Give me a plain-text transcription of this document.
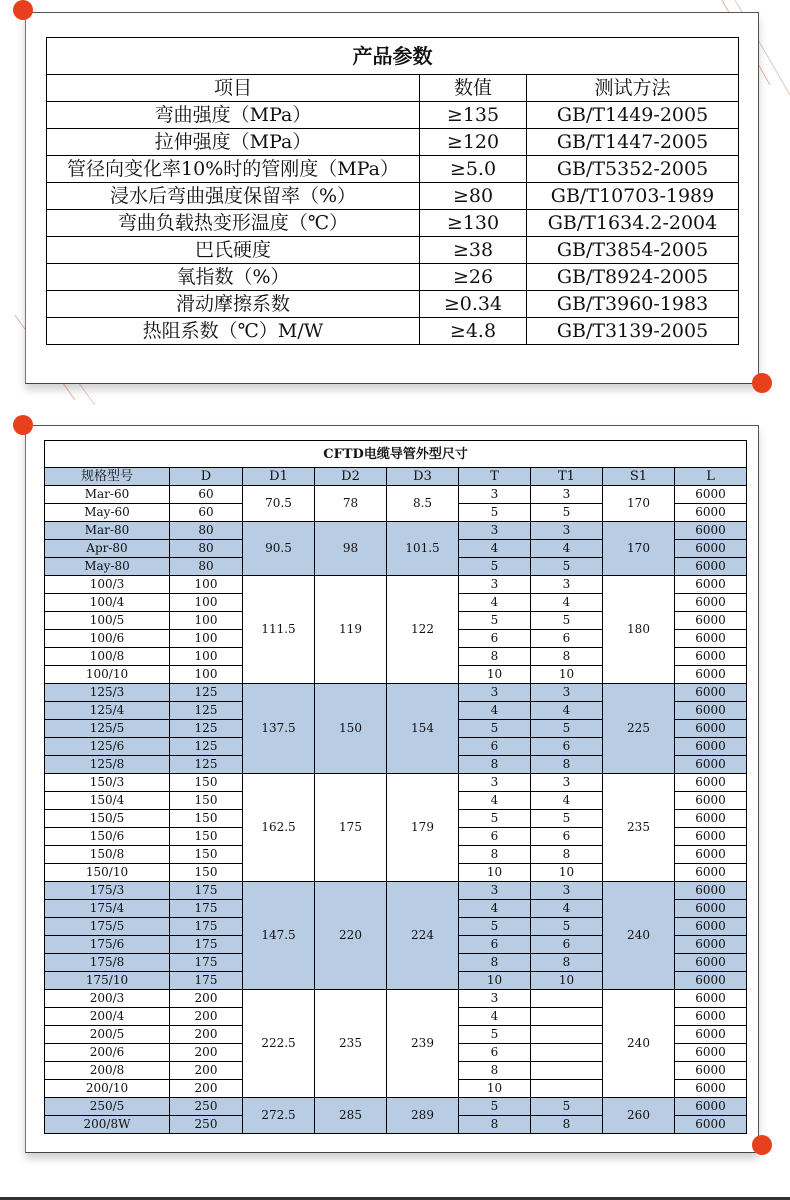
产品参数		
项目	数值	测试方法
弯曲强度（MPa）	≥135	GB/T1449-2005
拉伸强度（MPa）	≥120	GB/T1447-2005
管径向变化率10%时的管刚度（MPa）	≥5.0	GB/T5352-2005
浸水后弯曲强度保留率（%）	≥80	GB/T10703-1989
弯曲负载热变形温度（℃）	≥130	GB/T1634.2-2004
巴氏硬度	≥38	GB/T3854-2005
氧指数（%）	≥26	GB/T8924-2005
滑动摩擦系数	≥0.34	GB/T3960-1983
热阻系数（℃）M/W	≥4.8	GB/T3139-2005
CFTD电缆导管外型尺寸								
规格型号	D	D1	D2	D3	T	T1	S1	L
Mar-60	60	70.5	78	8.5	3	3	170	6000
May-60	60				5	5		6000
Mar-80	80	90.5	98	101.5	3	3	170	6000
Apr-80	80				4	4		6000
May-80	80				5	5		6000
100/3	100	111.5	119	122	3	3	180	6000
100/4	100				4	4		6000
100/5	100				5	5		6000
100/6	100				6	6		6000
100/8	100				8	8		6000
100/10	100				10	10		6000
125/3	125	137.5	150	154	3	3	225	6000
125/4	125				4	4		6000
125/5	125				5	5		6000
125/6	125				6	6		6000
125/8	125				8	8		6000
150/3	150	162.5	175	179	3	3	235	6000
150/4	150				4	4		6000
150/5	150				5	5		6000
150/6	150				6	6		6000
150/8	150				8	8		6000
150/10	150				10	10		6000
175/3	175	147.5	220	224	3	3	240	6000
175/4	175				4	4		6000
175/5	175				5	5		6000
175/6	175				6	6		6000
175/8	175				8	8		6000
175/10	175				10	10		6000
200/3	200	222.5	235	239	3		240	6000
200/4	200				4			6000
200/5	200				5			6000
200/6	200				6			6000
200/8	200				8			6000
200/10	200				10			6000
250/5	250	272.5	285	289	5	5	260	6000
200/8W	250				8	8		6000
